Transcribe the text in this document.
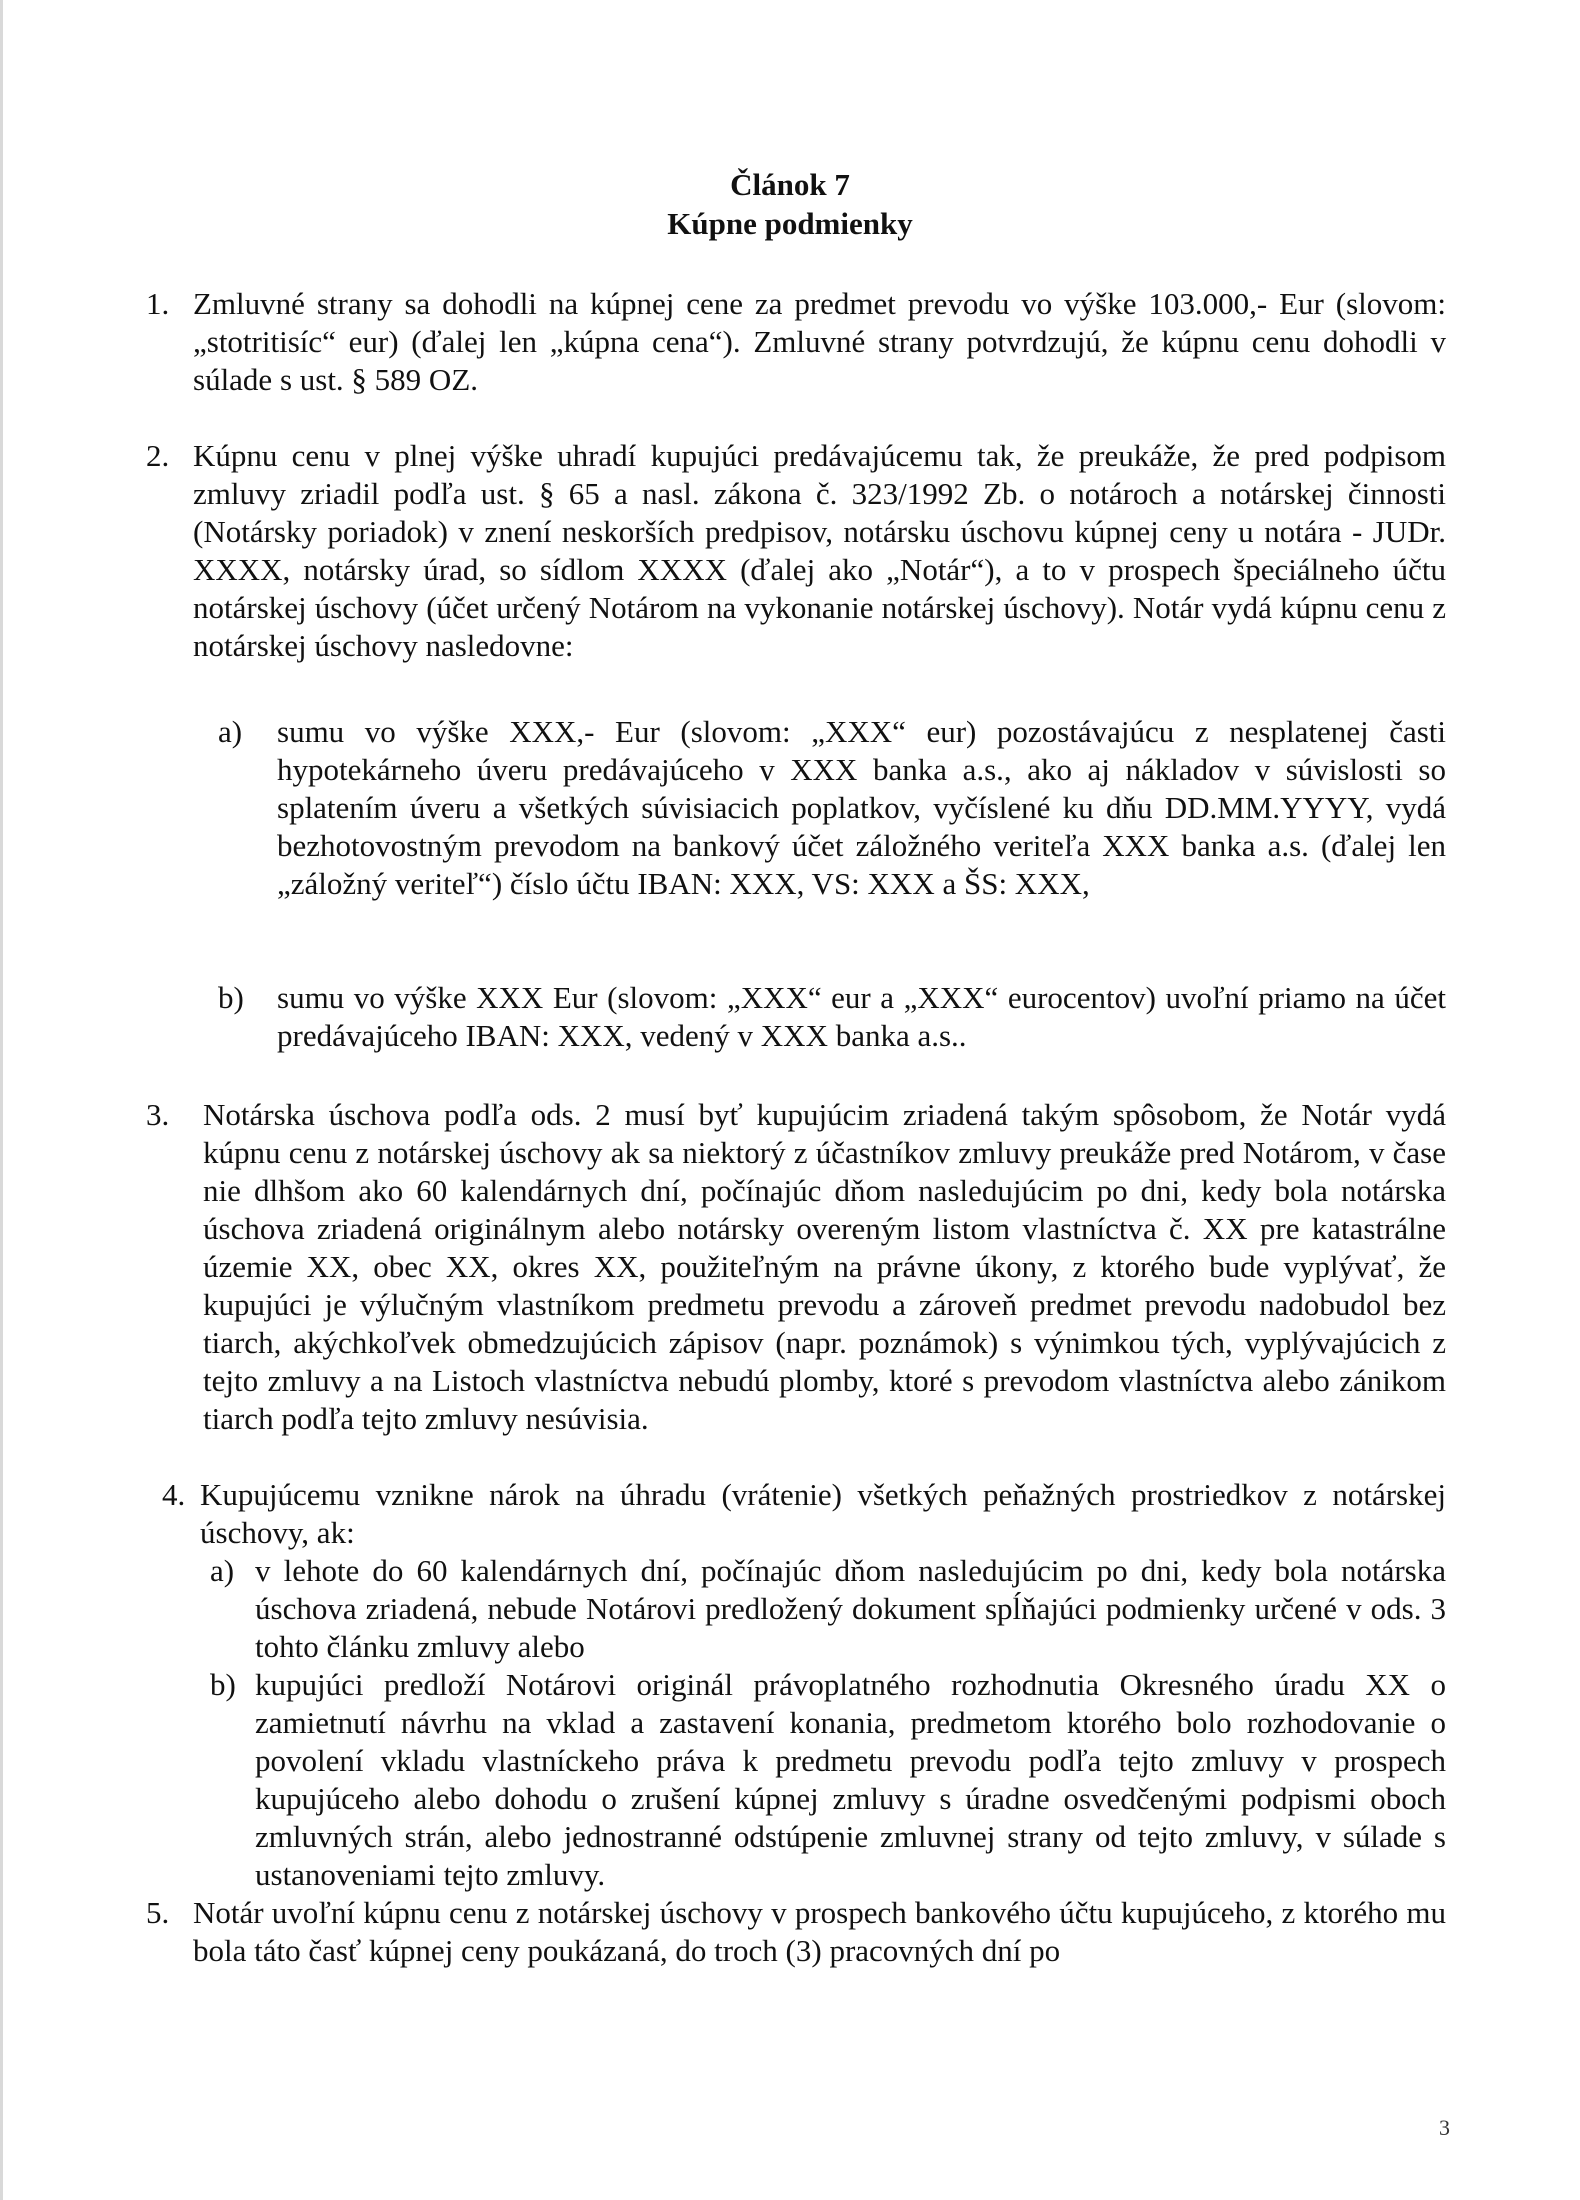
Článok 7
Kúpne podmienky
1. Zmluvné strany sa dohodli na kúpnej cene za predmet prevodu vo výške 103.000,- Eur (slovom: „stotritisíc“ eur) (ďalej len „kúpna cena“). Zmluvné strany potvrdzujú, že kúpnu cenu dohodli v súlade s ust. § 589 OZ.
2. Kúpnu cenu v plnej výške uhradí kupujúci predávajúcemu tak, že preukáže, že pred podpisom zmluvy zriadil podľa ust. § 65 a nasl. zákona č. 323/1992 Zb. o notároch a notárskej činnosti (Notársky poriadok) v znení neskorších predpisov, notársku úschovu kúpnej ceny u notára - JUDr. XXXX, notársky úrad, so sídlom XXXX (ďalej ako „Notár“), a to v prospech špeciálneho účtu notárskej úschovy (účet určený Notárom na vykonanie notárskej úschovy). Notár vydá kúpnu cenu z notárskej úschovy nasledovne:
a) sumu vo výške XXX,- Eur (slovom: „XXX“ eur) pozostávajúcu z nesplatenej časti hypotekárneho úveru predávajúceho v XXX banka a.s., ako aj nákladov v súvislosti so splatením úveru a všetkých súvisiacich poplatkov, vyčíslené ku dňu DD.MM.YYYY, vydá bezhotovostným prevodom na bankový účet záložného veriteľa XXX banka a.s. (ďalej len „záložný veriteľ“) číslo účtu IBAN: XXX, VS: XXX a ŠS: XXX,
b) sumu vo výške XXX Eur (slovom: „XXX“ eur a „XXX“ eurocentov) uvoľní priamo na účet predávajúceho IBAN: XXX, vedený v XXX banka a.s..
3. Notárska úschova podľa ods. 2 musí byť kupujúcim zriadená takým spôsobom, že Notár vydá kúpnu cenu z notárskej úschovy ak sa niektorý z účastníkov zmluvy preukáže pred Notárom, v čase nie dlhšom ako 60 kalendárnych dní, počínajúc dňom nasledujúcim po dni, kedy bola notárska úschova zriadená originálnym alebo notársky overeným listom vlastníctva č. XX pre katastrálne územie XX, obec XX, okres XX, použiteľným na právne úkony, z ktorého bude vyplývať, že kupujúci je výlučným vlastníkom predmetu prevodu a zároveň predmet prevodu nadobudol bez tiarch, akýchkoľvek obmedzujúcich zápisov (napr. poznámok) s výnimkou tých, vyplývajúcich z tejto zmluvy a na Listoch vlastníctva nebudú plomby, ktoré s prevodom vlastníctva alebo zánikom tiarch podľa tejto zmluvy nesúvisia.
4. Kupujúcemu vznikne nárok na úhradu (vrátenie) všetkých peňažných prostriedkov z notárskej úschovy, ak:
a) v lehote do 60 kalendárnych dní, počínajúc dňom nasledujúcim po dni, kedy bola notárska úschova zriadená, nebude Notárovi predložený dokument spĺňajúci podmienky určené v ods. 3 tohto článku zmluvy alebo
b) kupujúci predloží Notárovi originál právoplatného rozhodnutia Okresného úradu XX o zamietnutí návrhu na vklad a zastavení konania, predmetom ktorého bolo rozhodovanie o povolení vkladu vlastníckeho práva k predmetu prevodu podľa tejto zmluvy v prospech kupujúceho alebo dohodu o zrušení kúpnej zmluvy s úradne osvedčenými podpismi oboch zmluvných strán, alebo jednostranné odstúpenie zmluvnej strany od tejto zmluvy, v súlade s ustanoveniami tejto zmluvy.
5. Notár uvoľní kúpnu cenu z notárskej úschovy v prospech bankového účtu kupujúceho, z ktorého mu bola táto časť kúpnej ceny poukázaná, do troch (3) pracovných dní po
3
